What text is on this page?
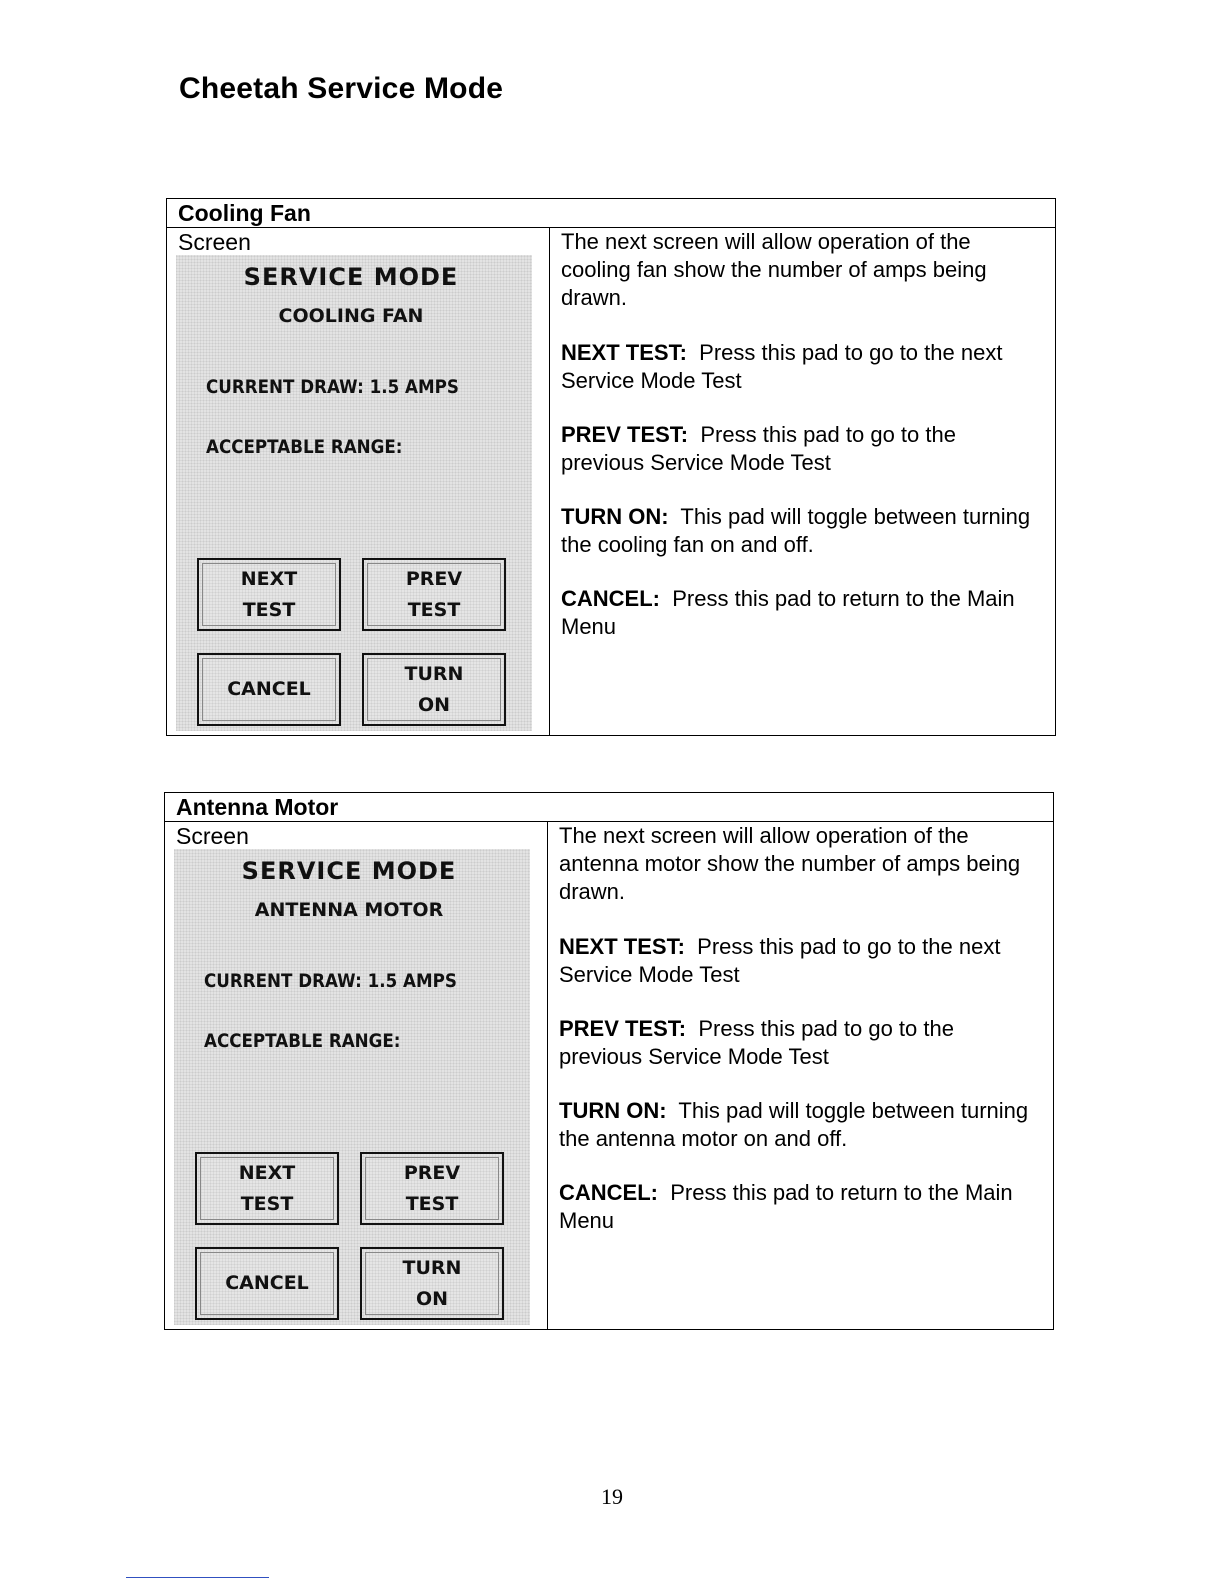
Cheetah Service Mode
Cooling Fan
Screen
SERVICE MODE
COOLING FAN
CURRENT DRAW: 1.5 AMPS
ACCEPTABLE RANGE:
NEXT
TEST
PREV
TEST
CANCEL
TURN
ON

The next screen will allow operation of the cooling fan show the number of amps being drawn.

NEXT TEST: Press this pad to go to the next Service Mode Test

PREV TEST: Press this pad to go to the previous Service Mode Test

TURN ON: This pad will toggle between turning the cooling fan on and off.

CANCEL: Press this pad to return to the Main Menu

Antenna Motor
Screen
SERVICE MODE
ANTENNA MOTOR
CURRENT DRAW: 1.5 AMPS
ACCEPTABLE RANGE:
NEXT
TEST
PREV
TEST
CANCEL
TURN
ON

The next screen will allow operation of the antenna motor show the number of amps being drawn.

NEXT TEST: Press this pad to go to the next Service Mode Test

PREV TEST: Press this pad to go to the previous Service Mode Test

TURN ON: This pad will toggle between turning the antenna motor on and off.

CANCEL: Press this pad to return to the Main Menu

19
